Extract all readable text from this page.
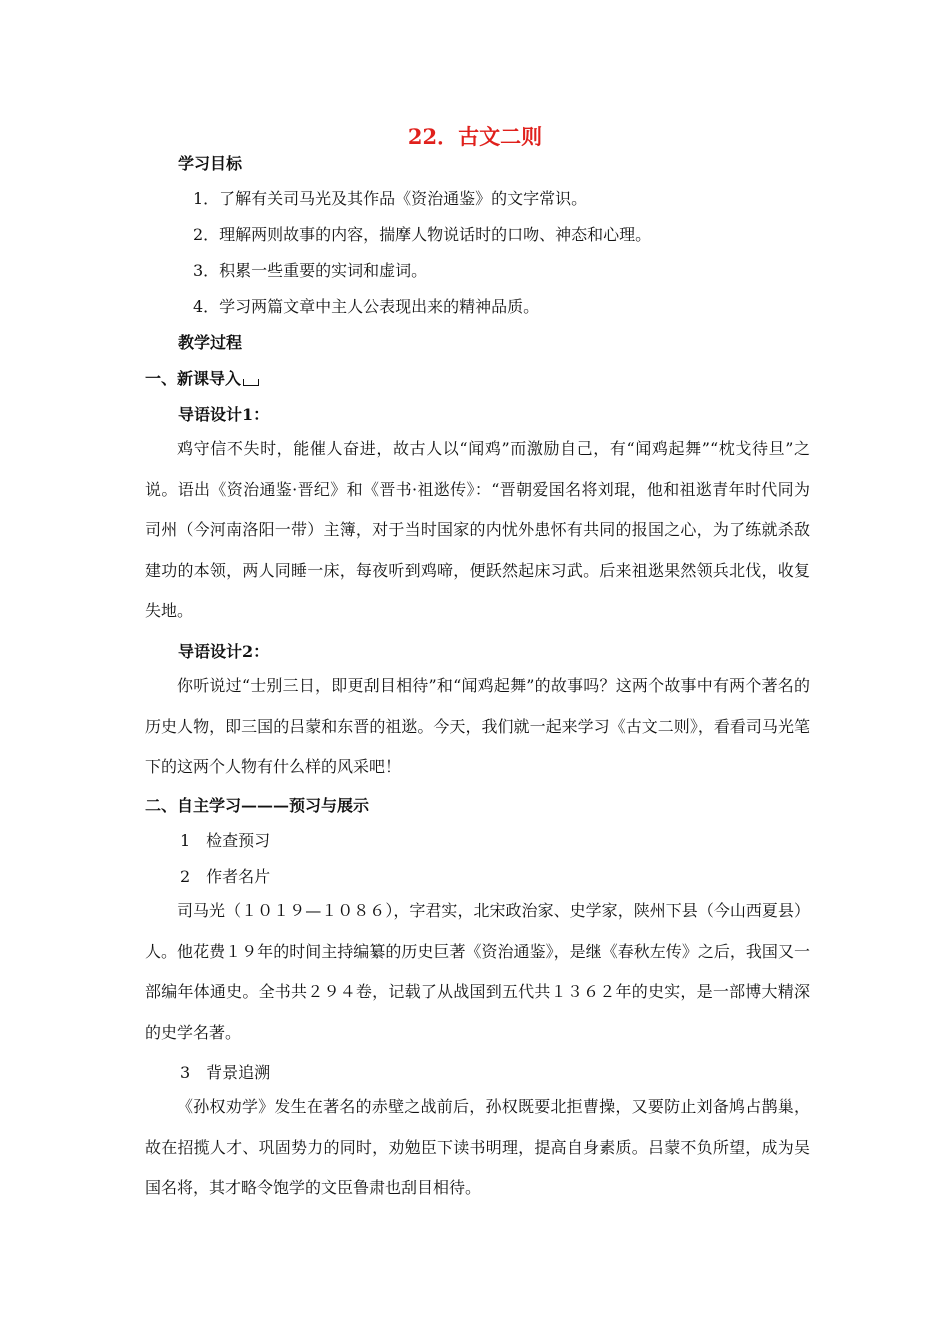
22．古文二则
学习目标
1．了解有关司马光及其作品《资治通鉴》的文字常识。
2．理解两则故事的内容，揣摩人物说话时的口吻、神态和心理。
3．积累一些重要的实词和虚词。
4．学习两篇文章中主人公表现出来的精神品质。
教学过程
一、新课导入
导语设计1：
鸡守信不失时，能催人奋进，故古人以“闻鸡”而激励自己，有“闻鸡起舞”“枕戈待旦”之说。语出《资治通鉴·晋纪》和《晋书·祖逖传》：“晋朝爱国名将刘琨，他和祖逖青年时代同为司州（今河南洛阳一带）主簿，对于当时国家的内忧外患怀有共同的报国之心，为了练就杀敌建功的本领，两人同睡一床，每夜听到鸡啼，便跃然起床习武。后来祖逖果然领兵北伐，收复失地。
导语设计2：
你听说过“士别三日，即更刮目相待”和“闻鸡起舞”的故事吗？这两个故事中有两个著名的历史人物，即三国的吕蒙和东晋的祖逖。今天，我们就一起来学习《古文二则》，看看司马光笔下的这两个人物有什么样的风采吧！
二、自主学习———预习与展示
1　检查预习
2　作者名片
司马光（１０１９—１０８６），字君实，北宋政治家、史学家，陕州下县（今山西夏县）人。他花费１９年的时间主持编纂的历史巨著《资治通鉴》，是继《春秋左传》之后，我国又一部编年体通史。全书共２９４卷，记载了从战国到五代共１３６２年的史实，是一部博大精深的史学名著。
3　背景追溯
《孙权劝学》发生在著名的赤壁之战前后，孙权既要北拒曹操，又要防止刘备鸠占鹊巢，故在招揽人才、巩固势力的同时，劝勉臣下读书明理，提高自身素质。吕蒙不负所望，成为吴国名将，其才略令饱学的文臣鲁肃也刮目相待。
